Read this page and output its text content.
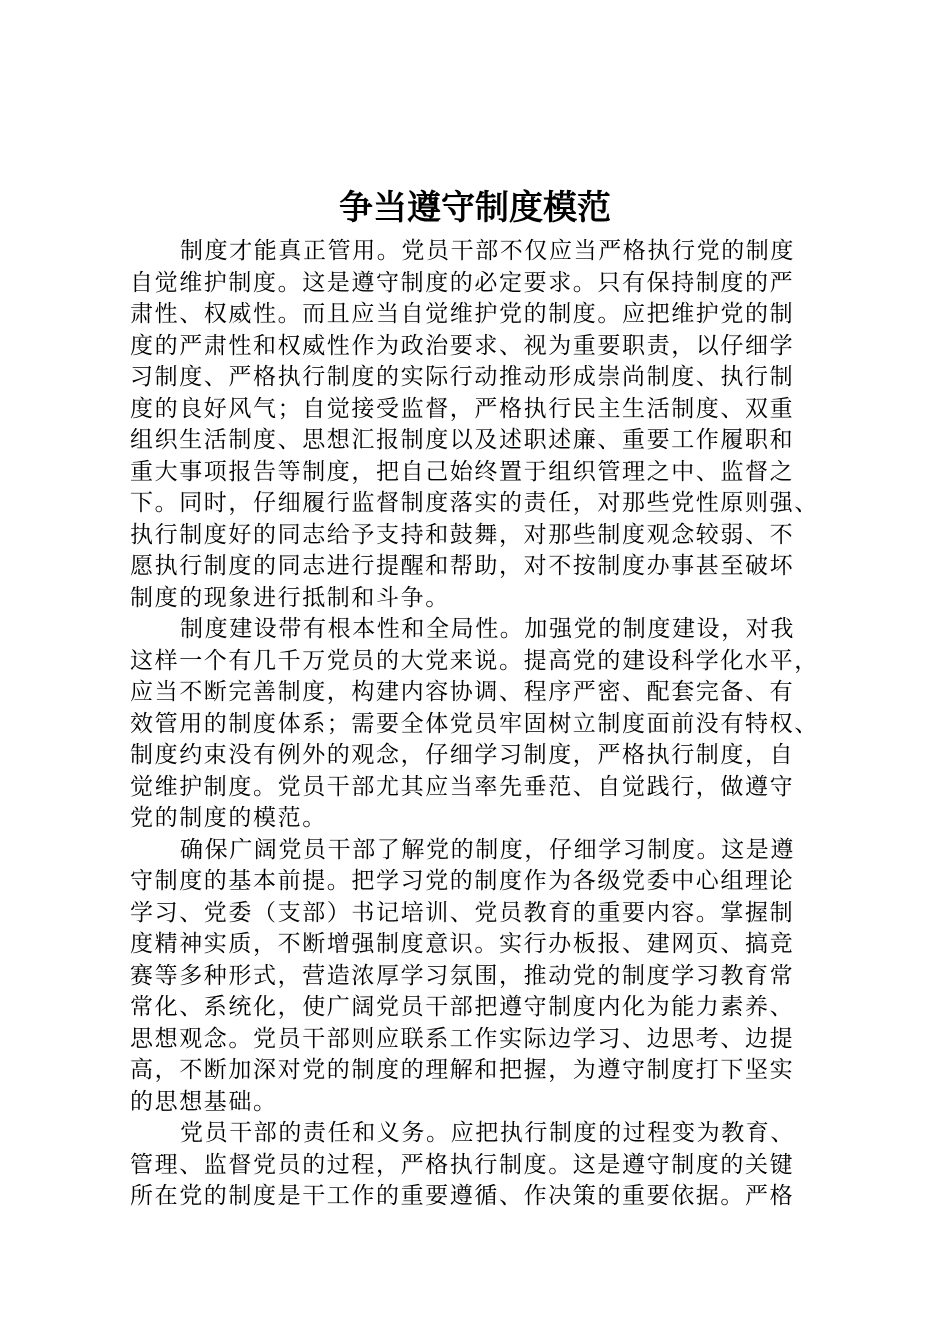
争当遵守制度模范

制度才能真正管用。党员干部不仅应当严格执行党的制度
自觉维护制度。这是遵守制度的必定要求。只有保持制度的严
肃性、权威性。而且应当自觉维护党的制度。应把维护党的制
度的严肃性和权威性作为政治要求、视为重要职责，以仔细学
习制度、严格执行制度的实际行动推动形成崇尚制度、执行制
度的良好风气；自觉接受监督，严格执行民主生活制度、双重
组织生活制度、思想汇报制度以及述职述廉、重要工作履职和
重大事项报告等制度，把自己始终置于组织管理之中、监督之
下。同时，仔细履行监督制度落实的责任，对那些党性原则强、
执行制度好的同志给予支持和鼓舞，对那些制度观念较弱、不
愿执行制度的同志进行提醒和帮助，对不按制度办事甚至破坏
制度的现象进行抵制和斗争。

制度建设带有根本性和全局性。加强党的制度建设，对我
这样一个有几千万党员的大党来说。提高党的建设科学化水平，
应当不断完善制度，构建内容协调、程序严密、配套完备、有
效管用的制度体系；需要全体党员牢固树立制度面前没有特权、
制度约束没有例外的观念，仔细学习制度，严格执行制度，自
觉维护制度。党员干部尤其应当率先垂范、自觉践行，做遵守
党的制度的模范。

确保广阔党员干部了解党的制度，仔细学习制度。这是遵
守制度的基本前提。把学习党的制度作为各级党委中心组理论
学习、党委（支部）书记培训、党员教育的重要内容。掌握制
度精神实质，不断增强制度意识。实行办板报、建网页、搞竞
赛等多种形式，营造浓厚学习氛围，推动党的制度学习教育常
常化、系统化，使广阔党员干部把遵守制度内化为能力素养、
思想观念。党员干部则应联系工作实际边学习、边思考、边提
高，不断加深对党的制度的理解和把握，为遵守制度打下坚实
的思想基础。

党员干部的责任和义务。应把执行制度的过程变为教育、
管理、监督党员的过程，严格执行制度。这是遵守制度的关键
所在党的制度是干工作的重要遵循、作决策的重要依据。严格
